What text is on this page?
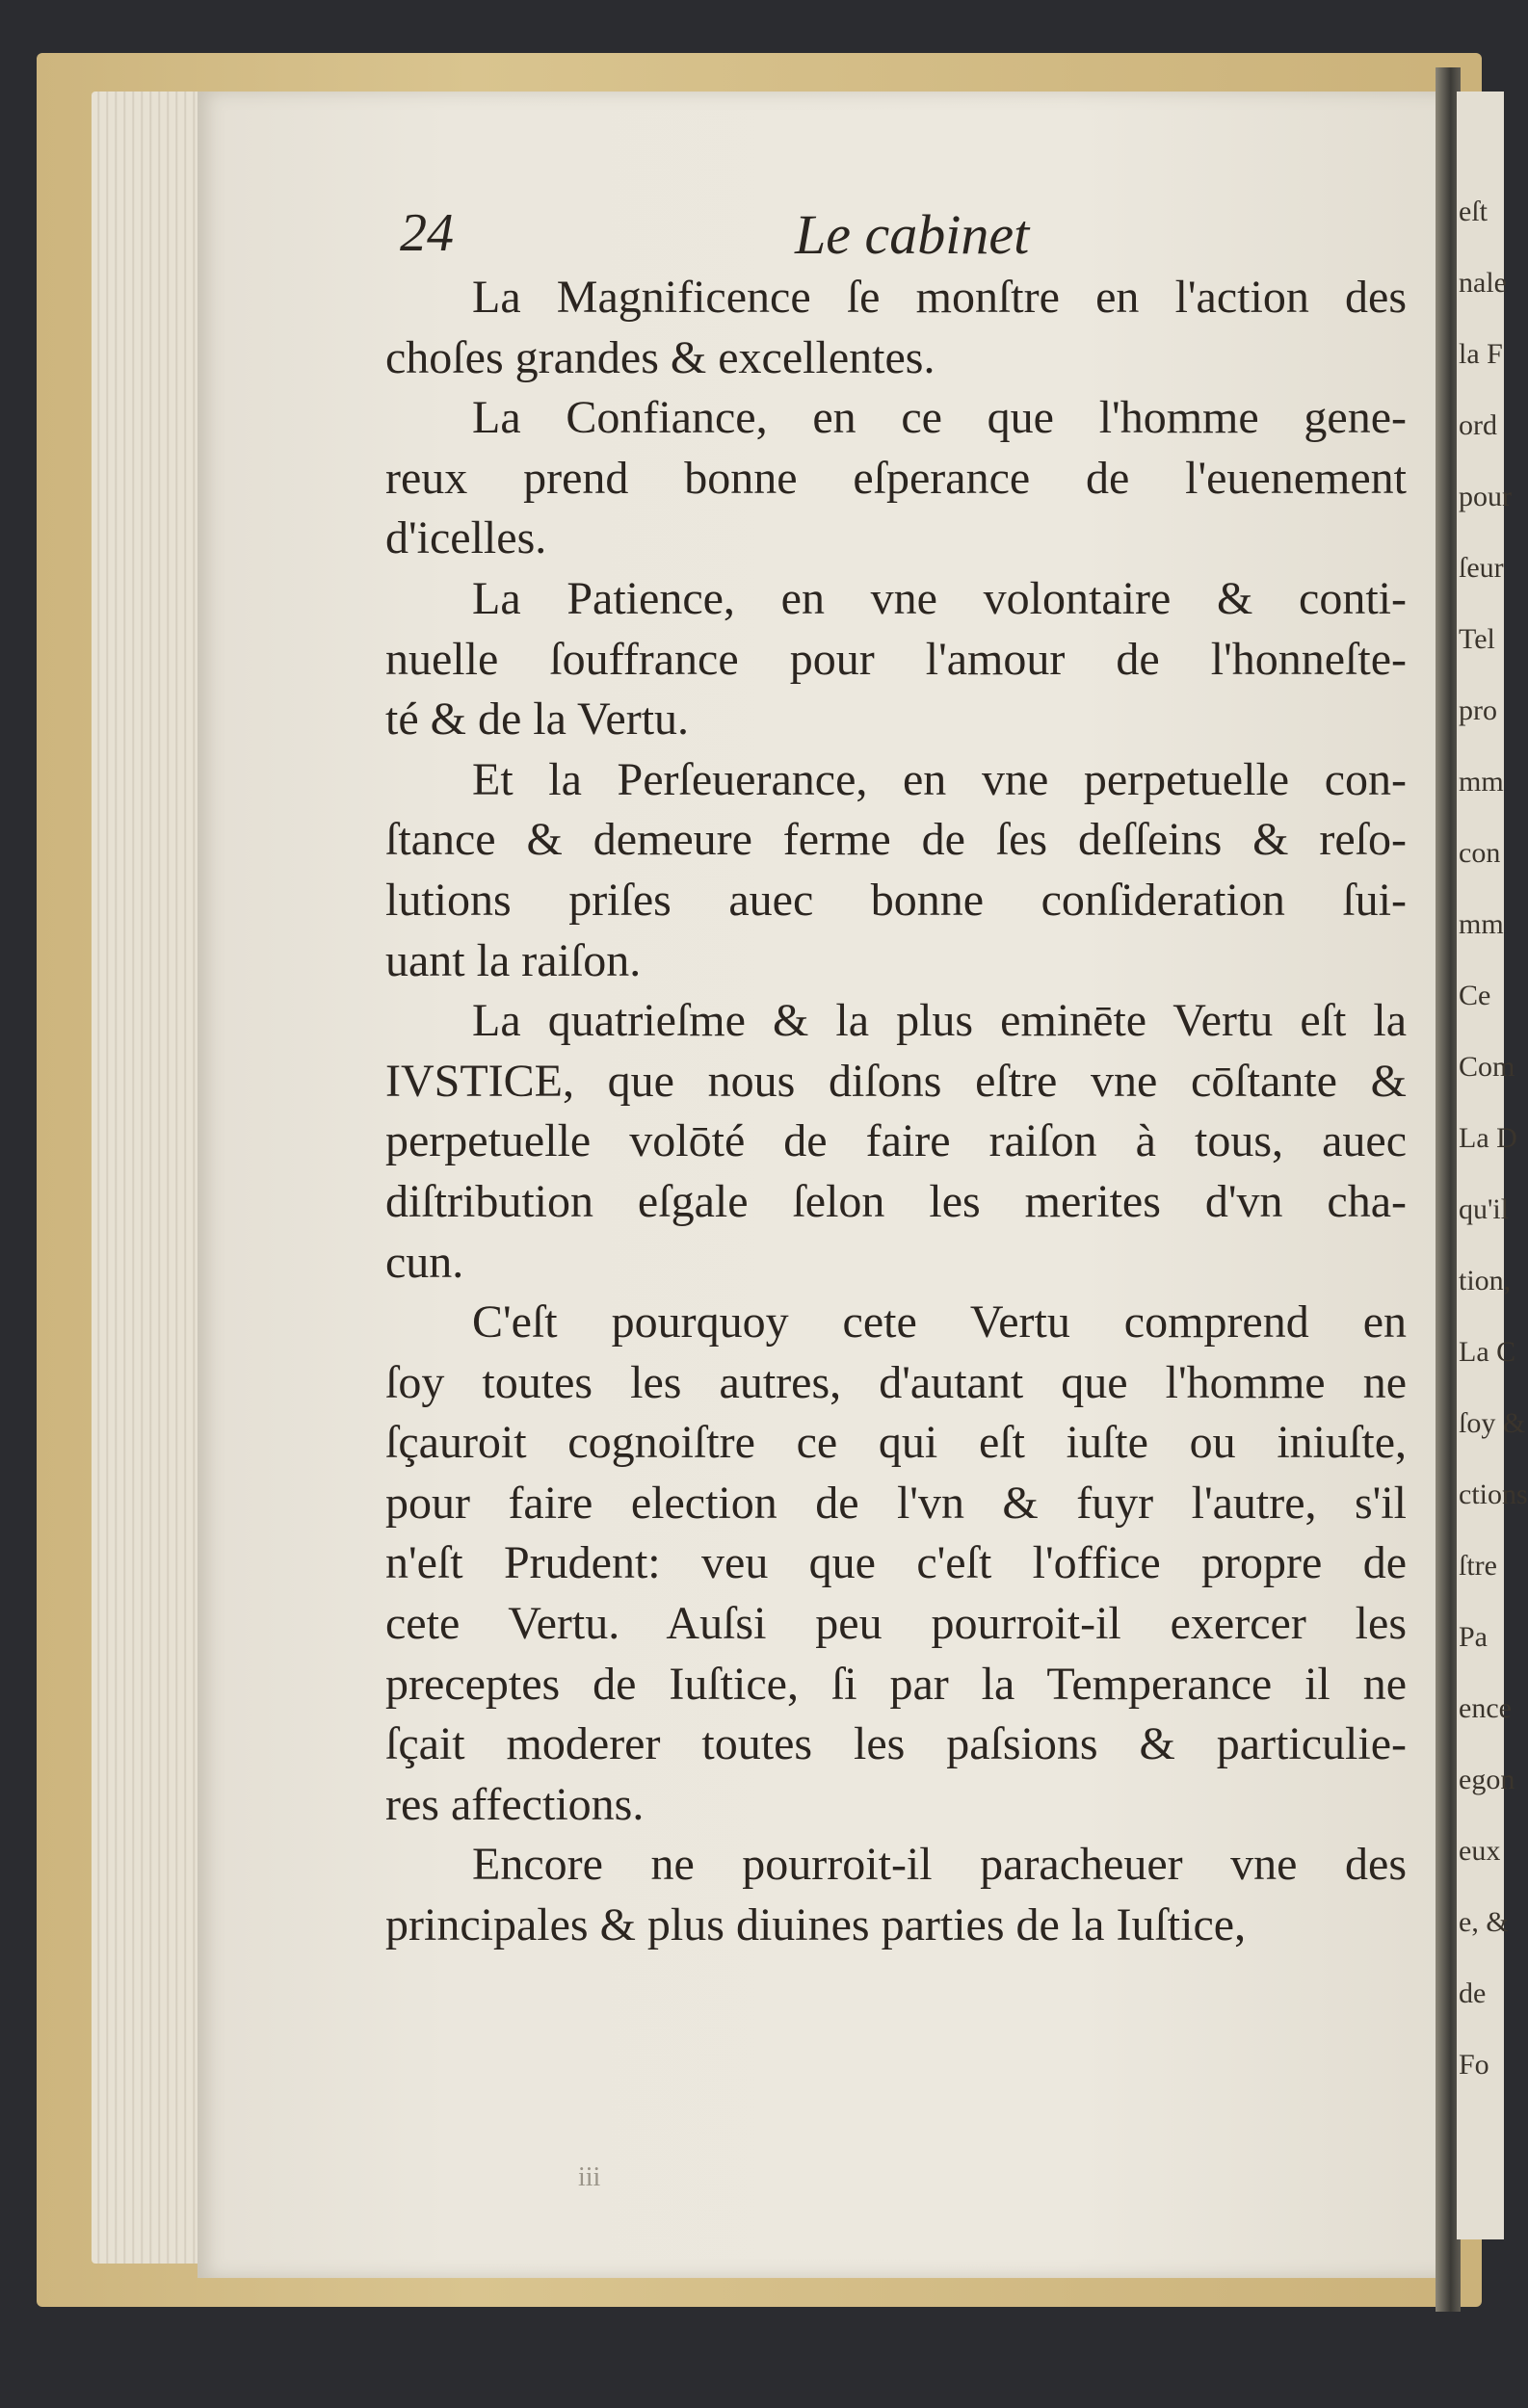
eſt
nale
la F
ord
pour
ſeur
Tel
pro
mm
con
mm
Ce
Com
La D
qu'il
tion,
La C
ſoy &
ctions
ſtre
Pa
ence
egon
eux
e, &
de
Fo
24	Le cabinet
La Magnificence ſe monſtre en l'action des
choſes grandes & excellentes.
La Confiance, en ce que l'homme gene-
reux prend bonne eſperance de l'euenement
d'icelles.
La Patience, en vne volontaire & conti-
nuelle ſouffrance pour l'amour de l'honneſte-
té & de la Vertu.
Et la Perſeuerance, en vne perpetuelle con-
ſtance & demeure ferme de ſes deſſeins & reſo-
lutions priſes auec bonne conſideration ſui-
uant la raiſon.
La quatrieſme & la plus eminēte Vertu eſt la
IVSTICE, que nous diſons eſtre vne cōſtante &
perpetuelle volōté de faire raiſon à tous, auec
diſtribution eſgale ſelon les merites d'vn cha-
cun.
C'eſt pourquoy cete Vertu comprend en
ſoy toutes les autres, d'autant que l'homme ne
ſçauroit cognoiſtre ce qui eſt iuſte ou iniuſte,
pour faire election de l'vn & fuyr l'autre, s'il
n'eſt Prudent: veu que c'eſt l'office propre de
cete Vertu. Auſsi peu pourroit-il exercer les
preceptes de Iuſtice, ſi par la Temperance il ne
ſçait moderer toutes les paſsions & particulie-
res affections.
Encore ne pourroit-il paracheuer vne des
principales & plus diuines parties de la Iuſtice,
iii
